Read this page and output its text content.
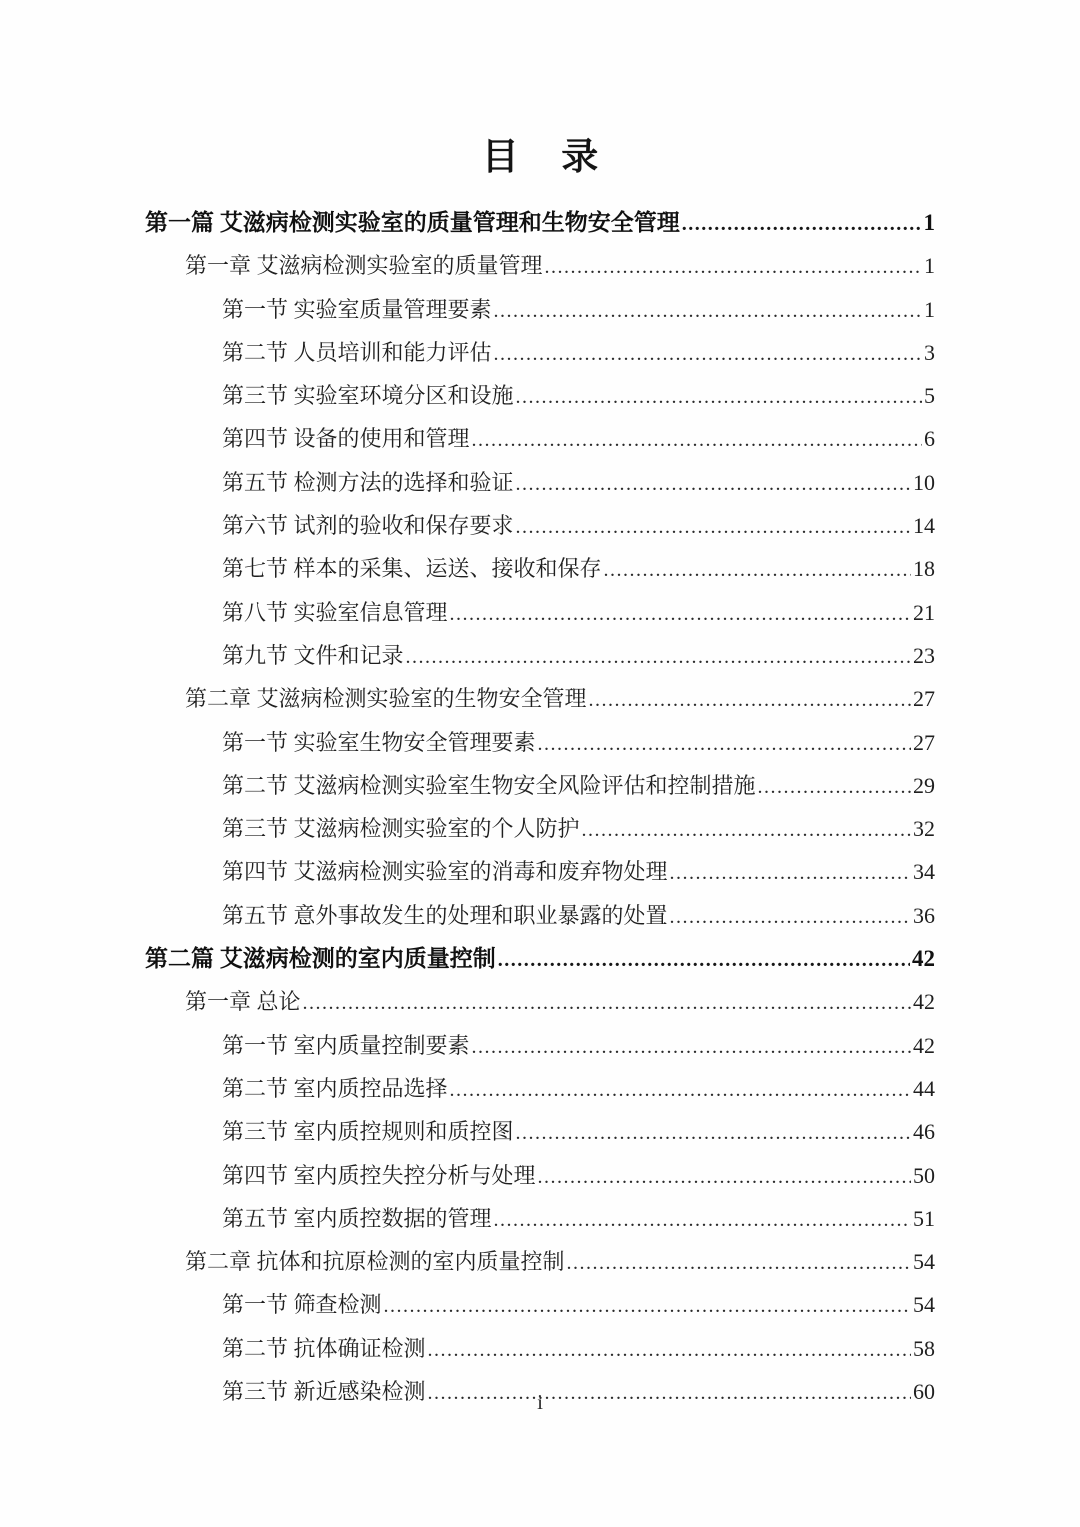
目 录
第一篇 艾滋病检测实验室的质量管理和生物安全管理 .....	1
第一章 艾滋病检测实验室的质量管理 .....	1
第一节 实验室质量管理要素 .....	1
第二节 人员培训和能力评估 .....	3
第三节 实验室环境分区和设施 .....	5
第四节 设备的使用和管理 .....	6
第五节 检测方法的选择和验证 .....	10
第六节 试剂的验收和保存要求 .....	14
第七节 样本的采集、运送、接收和保存 .....	18
第八节 实验室信息管理 .....	21
第九节 文件和记录 .....	23
第二章 艾滋病检测实验室的生物安全管理 .....	27
第一节 实验室生物安全管理要素 .....	27
第二节 艾滋病检测实验室生物安全风险评估和控制措施 .....	29
第三节 艾滋病检测实验室的个人防护 .....	32
第四节 艾滋病检测实验室的消毒和废弃物处理 .....	34
第五节 意外事故发生的处理和职业暴露的处置 .....	36
第二篇 艾滋病检测的室内质量控制 .....	42
第一章 总论 .....	42
第一节 室内质量控制要素 .....	42
第二节 室内质控品选择 .....	44
第三节 室内质控规则和质控图 .....	46
第四节 室内质控失控分析与处理 .....	50
第五节 室内质控数据的管理 .....	51
第二章 抗体和抗原检测的室内质量控制 .....	54
第一节 筛查检测 .....	54
第二节 抗体确证检测 .....	58
第三节 新近感染检测 .....	60
i
